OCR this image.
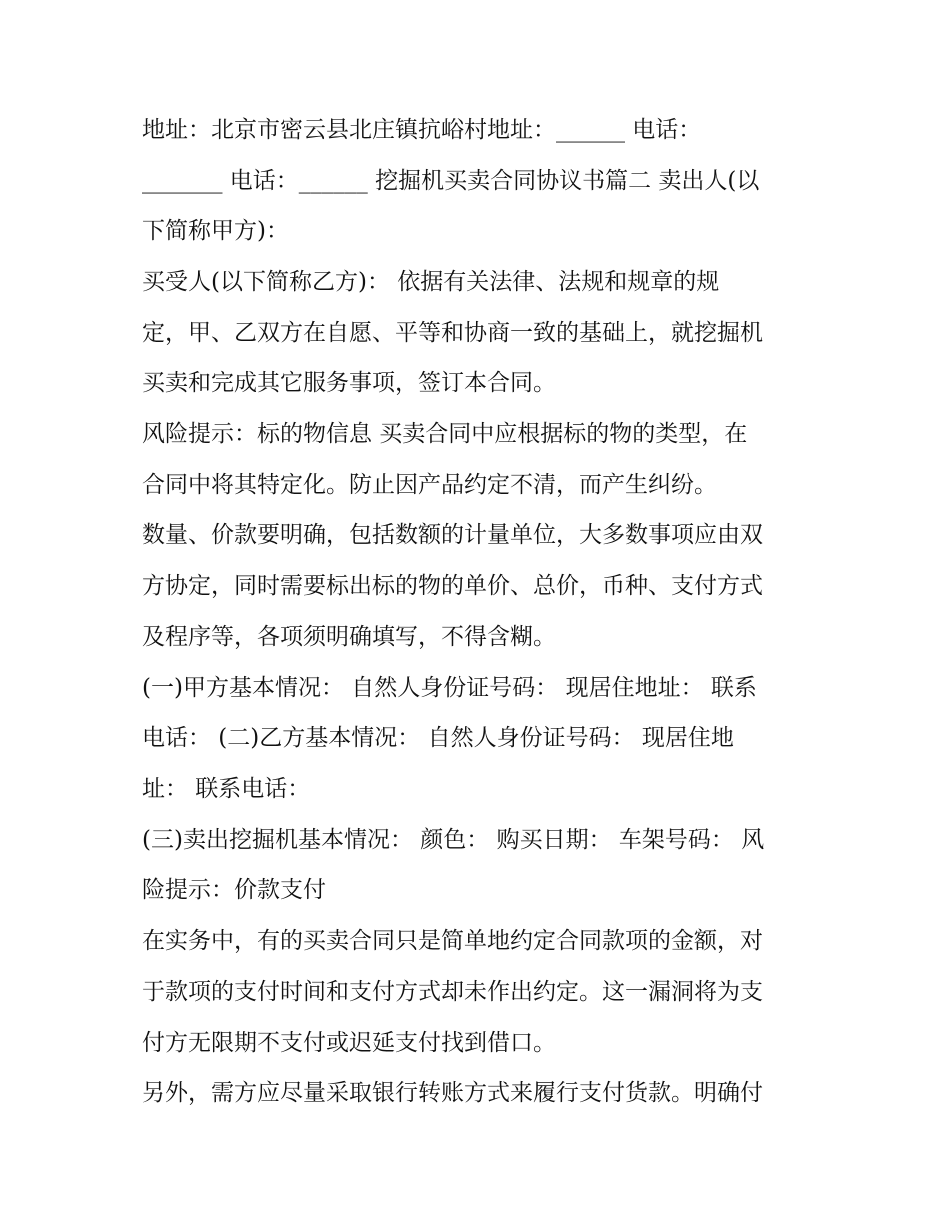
地址：北京市密云县北庄镇抗峪村地址：______ 电话：
_______ 电话：______ 挖掘机买卖合同协议书篇二 卖出人(以
下简称甲方)：
买受人(以下简称乙方)： 依据有关法律、法规和规章的规
定，甲、乙双方在自愿、平等和协商一致的基础上，就挖掘机
买卖和完成其它服务事项，签订本合同。
风险提示：标的物信息 买卖合同中应根据标的物的类型，在
合同中将其特定化。防止因产品约定不清，而产生纠纷。
数量、价款要明确，包括数额的计量单位，大多数事项应由双
方协定，同时需要标出标的物的单价、总价，币种、支付方式
及程序等，各项须明确填写，不得含糊。
(一)甲方基本情况： 自然人身份证号码： 现居住地址： 联系
电话： (二)乙方基本情况： 自然人身份证号码： 现居住地
址： 联系电话：
(三)卖出挖掘机基本情况： 颜色： 购买日期： 车架号码： 风
险提示：价款支付
在实务中，有的买卖合同只是简单地约定合同款项的金额，对
于款项的支付时间和支付方式却未作出约定。这一漏洞将为支
付方无限期不支付或迟延支付找到借口。
另外，需方应尽量采取银行转账方式来履行支付货款。明确付
